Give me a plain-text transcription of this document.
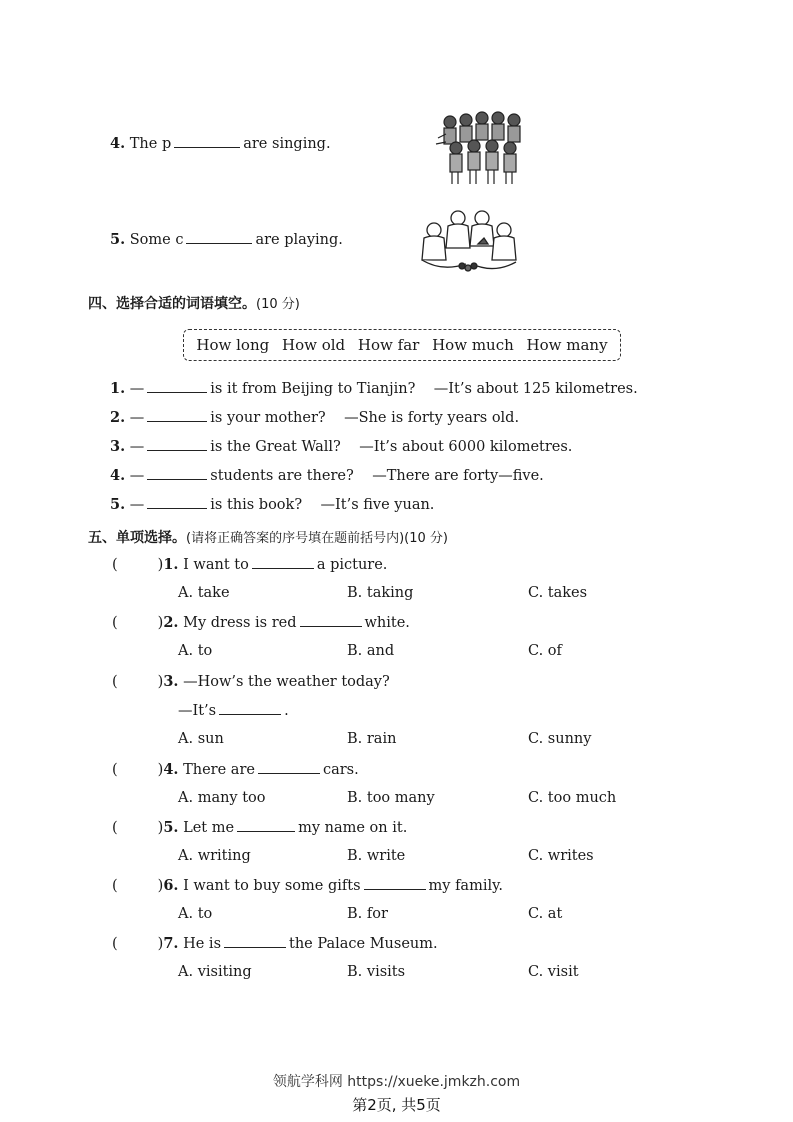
4. The p	are singing.
5. Some c	are playing.
四、选择合适的词语填空。(10 分)
How long How old How far How much How many
1. —	is it from Beijing to Tianjin? —It’s about 125 kilometres.
2. —	is your mother? —She is forty years old.
3. —	is the Great Wall? —It’s about 6000 kilometres.
4. —	students are there? —There are forty—five.
5. —	is this book? —It’s five yuan.
五、单项选择。(请将正确答案的序号填在题前括号内)(10 分)
(	)1. I want to	a picture.
A. take	B. taking	C. takes
(	)2. My dress is red	white.
A. to	B. and	C. of
(	)3. —How’s the weather today?
—It’s	.
A. sun	B. rain	C. sunny
(	)4. There are	cars.
A. many too	B. too many	C. too much
(	)5. Let me	my name on it.
A. writing	B. write	C. writes
(	)6. I want to buy some gifts	my family.
A. to	B. for	C. at
(	)7. He is	the Palace Museum.
A. visiting	B. visits	C. visit
领航学科网 https://xueke.jmkzh.com
第2页, 共5页
